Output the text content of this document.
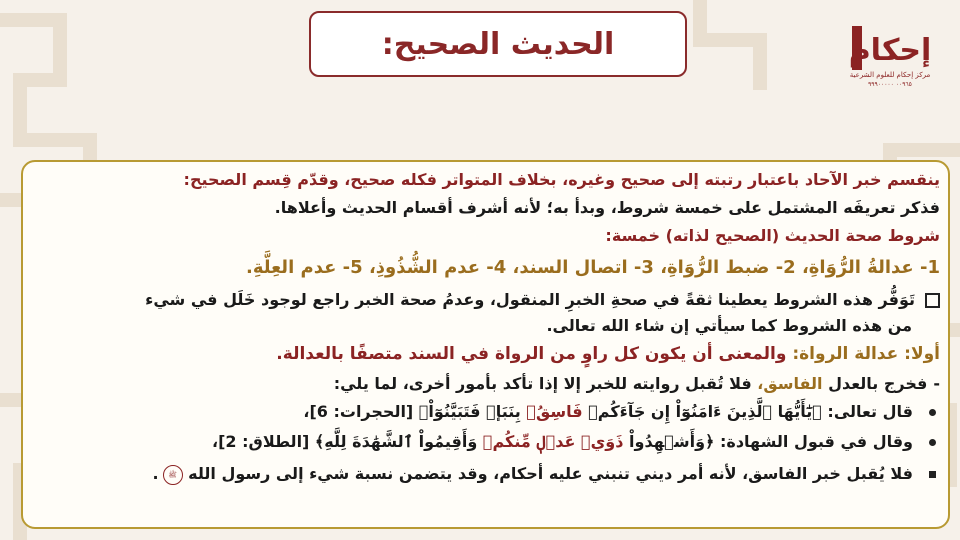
الحديث الصحيح:	إحكام
مركز إحكام للعلوم الشرعية
٠٠٩٦٥ ٩٩٩٠٠٠٠٠
ينقسم خبر الآحاد باعتبار رتبته إلى صحيح وغيره، بخلاف المتواتر فكله صحيح، وقدّم قِسم الصحيح:
فذكر تعريفَه المشتمل على خمسة شروط، وبدأ به؛ لأنه أشرف أقسام الحديث وأعلاها.
شروط صحة الحديث (الصحيح لذاته) خمسة:
1- عدالةُ الرُّوَاةِ، 2- ضبط الرُّوَاةِ، 3- اتصال السند، 4- عدم الشُّذُوذِ، 5- عدم العِلَّةِ.
تَوَفُّر هذه الشروط يعطينا ثقةً في صحةِ الخبرِ المنقول، وعدمُ صحة الخبر راجع لوجود خَلَل في شيء
من هذه الشروط كما سيأتي إن شاء الله تعالى.
أولا: عدالة الرواة: والمعنى أن يكون كل راوٍ من الرواة في السند متصفًا بالعدالة.
-فخرج بالعدل الفاسق، فلا تُقبل روايته للخبر إلا إذا تأكد بأمور أخرى، لما يلي:
قال تعالى: ﴿يَٰٓأَيُّهَا ٱلَّذِينَ ءَامَنُوٓاْ إِن جَآءَكُمۡ فَاسِقُۢ بِنَبَإٖ فَتَبَيَّنُوٓاْ﴾ [الحجرات: 6]،
وقال في قبول الشهادة: ﴿وَأَشۡهِدُواْ ذَوَيۡ عَدۡلٖ مِّنكُمۡ وَأَقِيمُواْ ٱلشَّهَٰدَةَ لِلَّهِ﴾ [الطلاق: 2]،
فلا يُقبل خبر الفاسق، لأنه أمر ديني تنبني عليه أحكام، وقد يتضمن نسبة شيء إلى رسول الله ﷺ.
